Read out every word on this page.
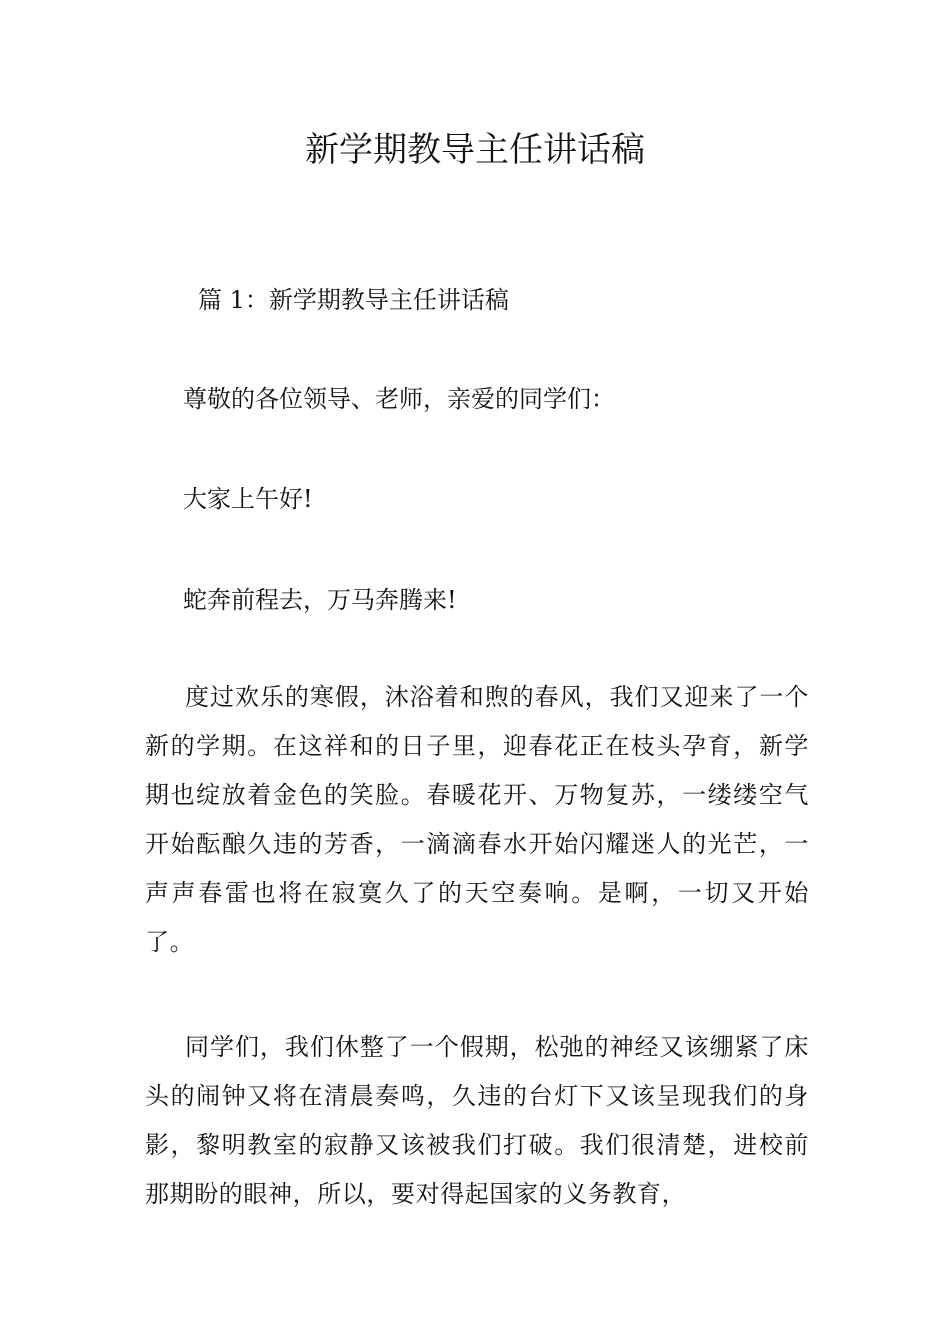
新学期教导主任讲话稿
篇 1：新学期教导主任讲话稿
尊敬的各位领导、老师，亲爱的同学们：
大家上午好!
蛇奔前程去，万马奔腾来!

度过欢乐的寒假，沐浴着和煦的春风，我们又迎来了一个新的学期。在这祥和的日子里，迎春花正在枝头孕育，新学期也绽放着金色的笑脸。春暖花开、万物复苏，一缕缕空气开始酝酿久违的芳香，一滴滴春水开始闪耀迷人的光芒，一声声春雷也将在寂寞久了的天空奏响。是啊，一切又开始了。

同学们，我们休整了一个假期，松弛的神经又该绷紧了床头的闹钟又将在清晨奏鸣，久违的台灯下又该呈现我们的身影，黎明教室的寂静又该被我们打破。我们很清楚，进校前那期盼的眼神，所以，要对得起国家的义务教育，
